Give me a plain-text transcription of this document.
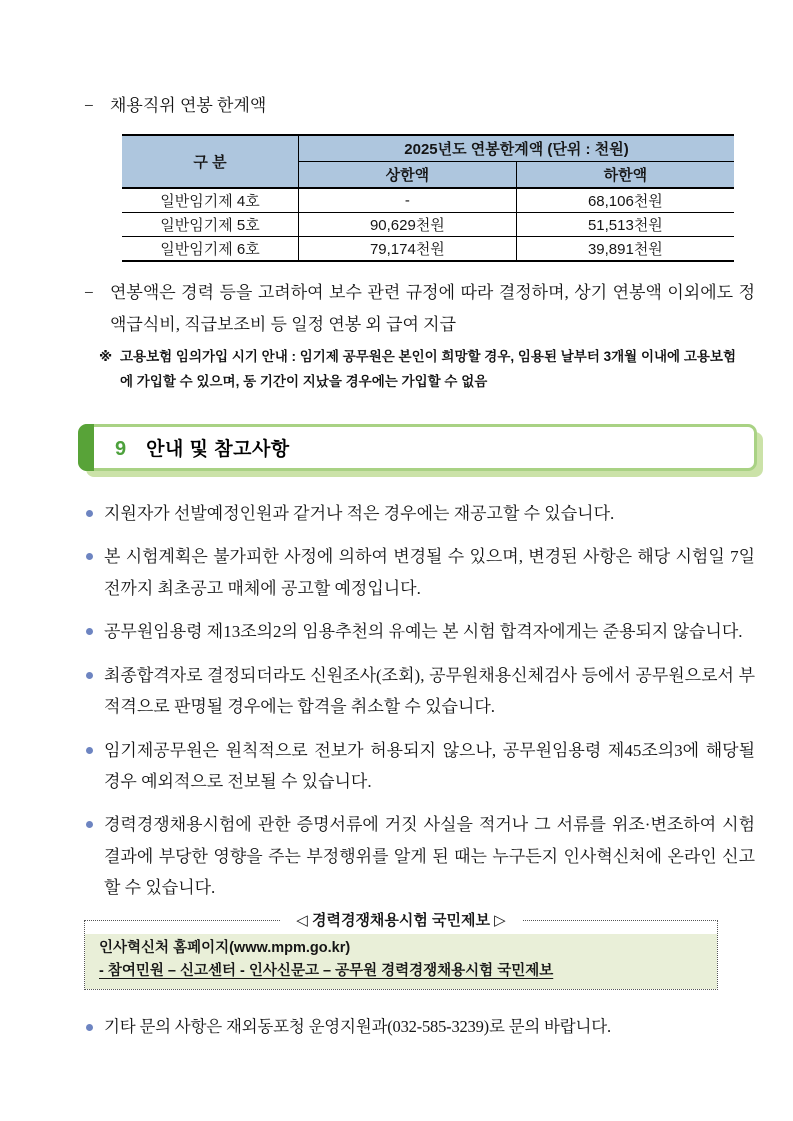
− 채용직위 연봉 한계액
구 분	2025년도 연봉한계액 (단위 : 천원)	
	상한액	하한액
일반임기제 4호	-	68,106천원
일반임기제 5호	90,629천원	51,513천원
일반임기제 6호	79,174천원	39,891천원
− 연봉액은 경력 등을 고려하여 보수 관련 규정에 따라 결정하며, 상기 연봉액 이외에도 정액급식비, 직급보조비 등 일정 연봉 외 급여 지급
※ 고용보험 임의가입 시기 안내 : 임기제 공무원은 본인이 희망할 경우, 임용된 날부터 3개월 이내에 고용보험에 가입할 수 있으며, 동 기간이 지났을 경우에는 가입할 수 없음
9 안내 및 참고사항
지원자가 선발예정인원과 같거나 적은 경우에는 재공고할 수 있습니다.
본 시험계획은 불가피한 사정에 의하여 변경될 수 있으며, 변경된 사항은 해당 시험일 7일 전까지 최초공고 매체에 공고할 예정입니다.
공무원임용령 제13조의2의 임용추천의 유예는 본 시험 합격자에게는 준용되지 않습니다.
최종합격자로 결정되더라도 신원조사(조회), 공무원채용신체검사 등에서 공무원으로서 부적격으로 판명될 경우에는 합격을 취소할 수 있습니다.
임기제공무원은 원칙적으로 전보가 허용되지 않으나, 공무원임용령 제45조의3에 해당될 경우 예외적으로 전보될 수 있습니다.
경력경쟁채용시험에 관한 증명서류에 거짓 사실을 적거나 그 서류를 위조·변조하여 시험결과에 부당한 영향을 주는 부정행위를 알게 된 때는 누구든지 인사혁신처에 온라인 신고할 수 있습니다.
◁ 경력경쟁채용시험 국민제보 ▷
인사혁신처 홈페이지(www.mpm.go.kr)
- 참여민원 – 신고센터 - 인사신문고 – 공무원 경력경쟁채용시험 국민제보
기타 문의 사항은 재외동포청 운영지원과(032-585-3239)로 문의 바랍니다.
